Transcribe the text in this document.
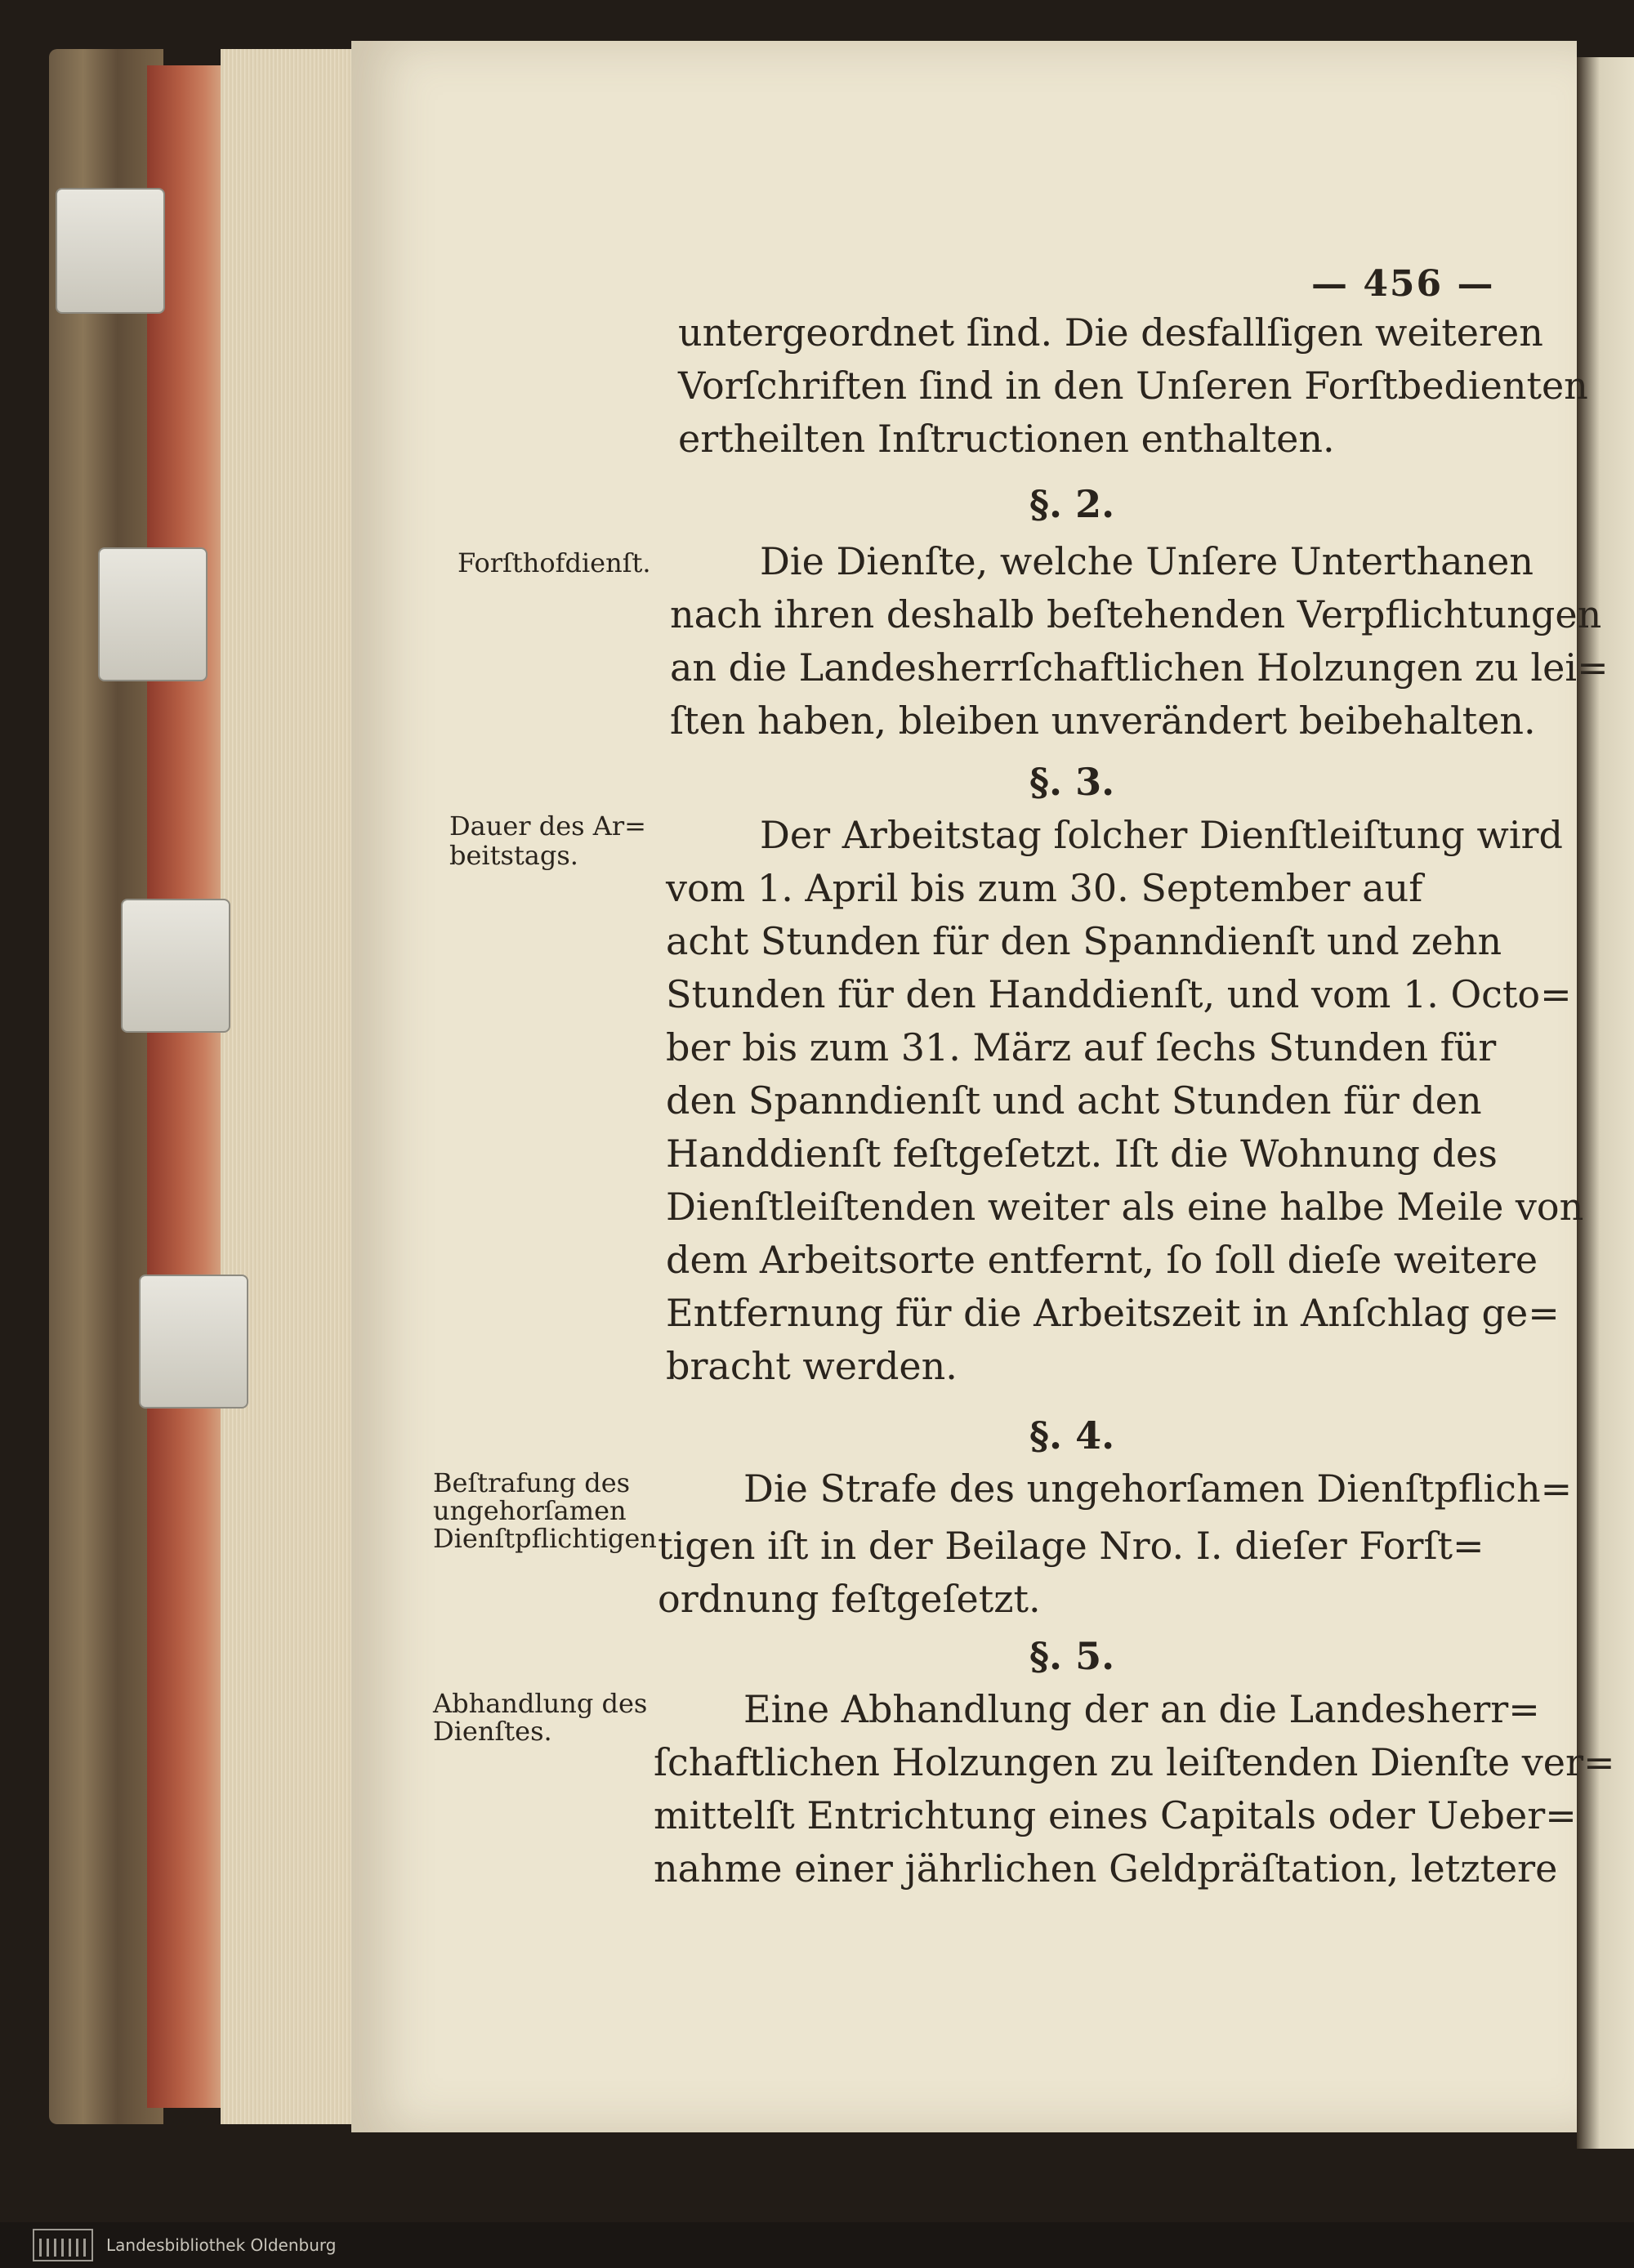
— 456 —
untergeordnet ſind. Die desfallſigen weiteren
Vorſchriften ſind in den Unſeren Forſtbedienten
ertheilten Inſtructionen enthalten.
§. 2.
Forſthofdienſt.	Die Dienſte, welche Unſere Unterthanen
nach ihren deshalb beſtehenden Verpflichtungen
an die Landesherrſchaftlichen Holzungen zu lei=
ſten haben, bleiben unverändert beibehalten.
§. 3.
Dauer des Ar=
beitstags.	Der Arbeitstag ſolcher Dienſtleiſtung wird
vom 1. April bis zum 30. September auf
acht Stunden für den Spanndienſt und zehn
Stunden für den Handdienſt, und vom 1. Octo=
ber bis zum 31. März auf ſechs Stunden für
den Spanndienſt und acht Stunden für den
Handdienſt feſtgeſetzt. Iſt die Wohnung des
Dienſtleiſtenden weiter als eine halbe Meile von
dem Arbeitsorte entfernt, ſo ſoll dieſe weitere
Entfernung für die Arbeitszeit in Anſchlag ge=
bracht werden.
§. 4.
Beſtrafung des
ungehorſamen
Dienſtpflichtigen
Die Strafe des ungehorſamen Dienſtpflich=
tigen iſt in der Beilage Nro. I. dieſer Forſt=
ordnung feſtgeſetzt.
§. 5.
Abhandlung des
Dienſtes.	Eine Abhandlung der an die Landesherr=
ſchaftlichen Holzungen zu leiſtenden Dienſte ver=
mittelſt Entrichtung eines Capitals oder Ueber=
nahme einer jährlichen Geldpräſtation, letztere
Landesbibliothek Oldenburg
